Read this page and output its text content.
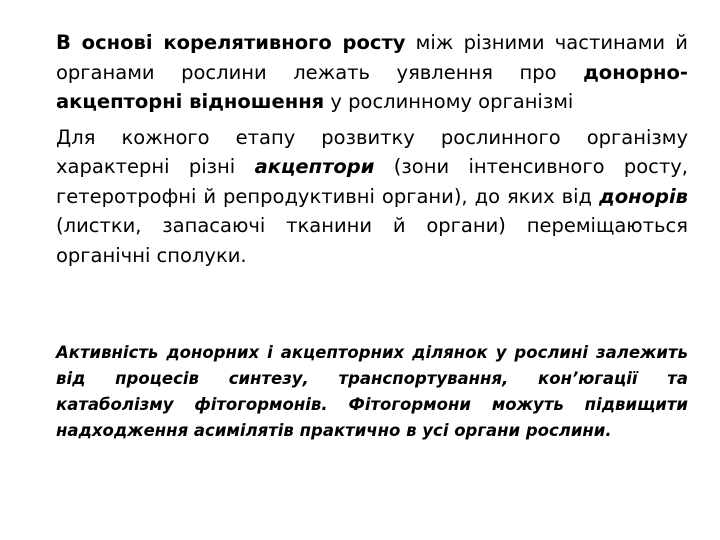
В основі корелятивного росту між різними частинами й органами рослини лежать уявлення про донорно-акцепторні відношення у рослинному організмі

Для кожного етапу розвитку рослинного організму характерні різні акцептори (зони інтенсивного росту, гетеротрофні й репродуктивні органи), до яких від донорів (листки, запасаючі тканини й органи) переміщаються органічні сполуки.

Активність донорних і акцепторних ділянок у рослині залежить від процесів синтезу, транспортування, кон’югації та катаболізму фітогормонів. Фітогормони можуть підвищити надходження асимілятів практично в усі органи рослини.
